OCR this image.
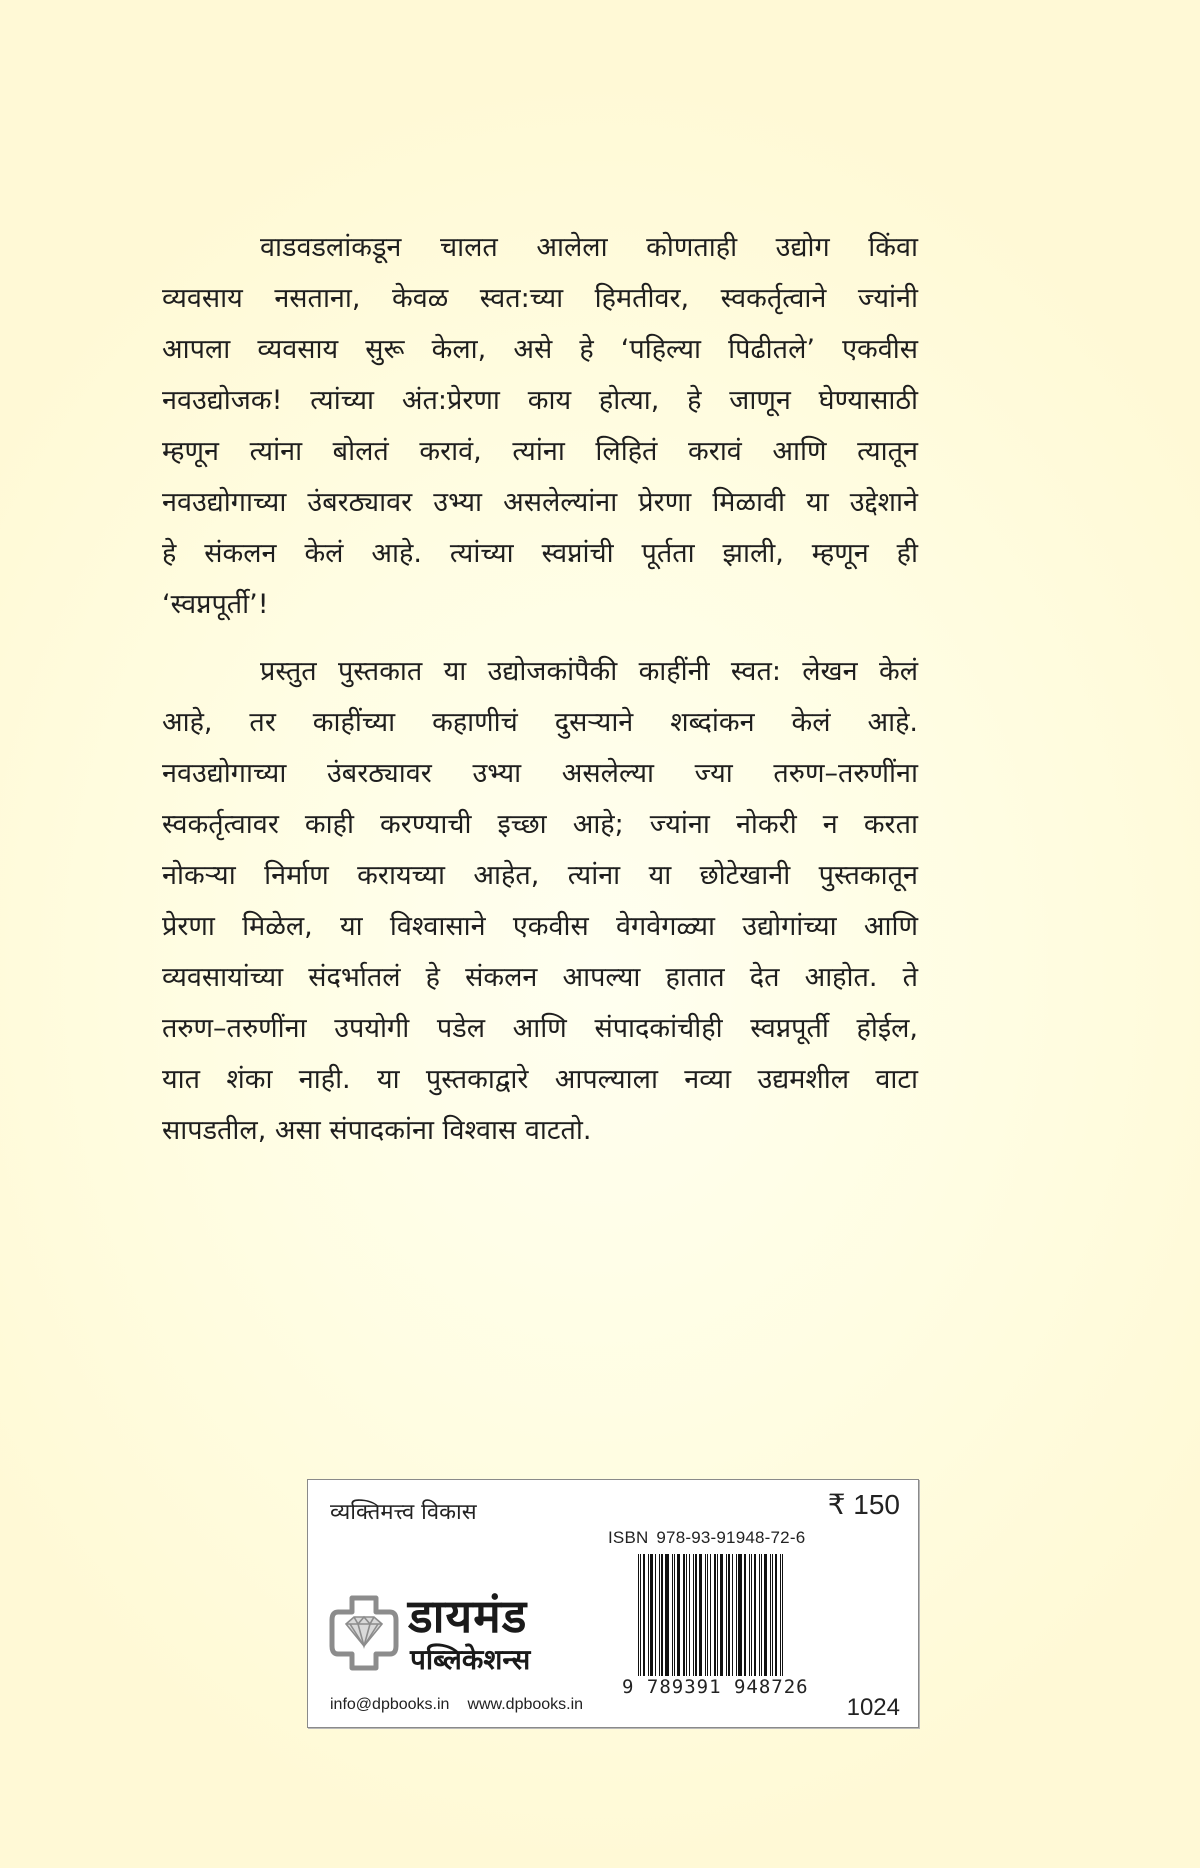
वाडवडलांकडून चालत आलेला कोणताही उद्योग किंवा
व्यवसाय नसताना, केवळ स्वत:च्या हिमतीवर, स्वकर्तृत्वाने ज्यांनी
आपला व्यवसाय सुरू केला, असे हे ‘पहिल्या पिढीतले’ एकवीस
नवउद्योजक! त्यांच्या अंत:प्रेरणा काय होत्या, हे जाणून घेण्यासाठी
म्हणून त्यांना बोलतं करावं, त्यांना लिहितं करावं आणि त्यातून
नवउद्योगाच्या उंबरठ्यावर उभ्या असलेल्यांना प्रेरणा मिळावी या उद्देशाने
हे संकलन केलं आहे. त्यांच्या स्वप्नांची पूर्तता झाली, म्हणून ही
‘स्वप्नपूर्ती’!
प्रस्तुत पुस्तकात या उद्योजकांपैकी काहींनी स्वत: लेखन केलं
आहे, तर काहींच्या कहाणीचं दुसऱ्याने शब्दांकन केलं आहे.
नवउद्योगाच्या उंबरठ्यावर उभ्या असलेल्या ज्या तरुण–तरुणींना
स्वकर्तृत्वावर काही करण्याची इच्छा आहे; ज्यांना नोकरी न करता
नोकऱ्या निर्माण करायच्या आहेत, त्यांना या छोटेखानी पुस्तकातून
प्रेरणा मिळेल, या विश्वासाने एकवीस वेगवेगळ्या उद्योगांच्या आणि
व्यवसायांच्या संदर्भातलं हे संकलन आपल्या हातात देत आहोत. ते
तरुण–तरुणींना उपयोगी पडेल आणि संपादकांचीही स्वप्नपूर्ती होईल,
यात शंका नाही. या पुस्तकाद्वारे आपल्याला नव्या उद्यमशील वाटा
सापडतील, असा संपादकांना विश्वास वाटतो.
व्यक्तिमत्त्व विकास	₹ 150
ISBN 978-93-91948-72-6
9 789391 948726
1024
डायमंड
पब्लिकेशन्स
info@dpbooks.in www.dpbooks.in
